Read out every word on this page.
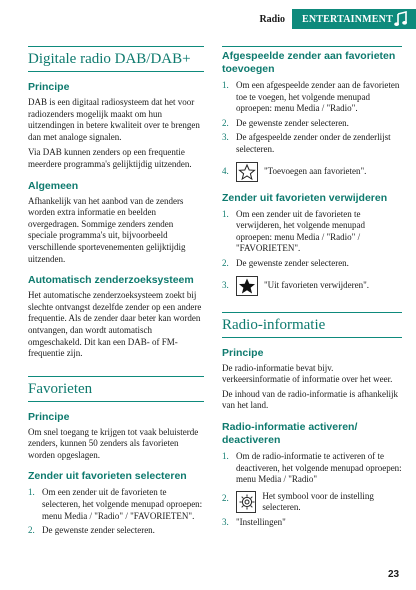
Radio	ENTERTAINMENT
Digitale radio DAB/DAB+
Principe

DAB is een digitaal radiosysteem dat het voor radiozenders mogelijk maakt om hun uitzendingen in betere kwaliteit over te brengen dan met analoge signalen.

Via DAB kunnen zenders op een frequentie meerdere programma's gelijktijdig uitzenden.

Algemeen

Afhankelijk van het aanbod van de zenders worden extra informatie en beelden overgedragen. Sommige zenders zenden speciale programma's uit, bijvoorbeeld verschillende sportevenementen gelijktijdig uitzenden.

Automatisch zenderzoeksysteem

Het automatische zenderzoeksysteem zoekt bij slechte ontvangst dezelfde zender op een andere frequentie. Als de zender daar beter kan worden ontvangen, dan wordt automatisch omgeschakeld. Dit kan een DAB- of FM-frequentie zijn.

Favorieten
Principe

Om snel toegang te krijgen tot vaak beluisterde zenders, kunnen 50 zenders als favorieten worden opgeslagen.

Zender uit favorieten selecteren
1. Om een zender uit de favorieten te selecteren, het volgende menupad oproepen: menu Media / "Radio" / "FAVORIETEN".
2. De gewenste zender selecteren.
Afgespeelde zender aan favorieten toevoegen
1. Om een afgespeelde zender aan de favorieten toe te voegen, het volgende menupad oproepen: menu Media / "Radio".
2. De gewenste zender selecteren.
3. De afgespeelde zender onder de zenderlijst selecteren.
4.	"Toevoegen aan favorieten".
Zender uit favorieten verwijderen
1. Om een zender uit de favorieten te verwijderen, het volgende menupad oproepen: menu Media / "Radio" / "FAVORIETEN".
2. De gewenste zender selecteren.
3.	"Uit favorieten verwijderen".
Radio-informatie
Principe

De radio-informatie bevat bijv. verkeersinformatie of informatie over het weer.

De inhoud van de radio-informatie is afhankelijk van het land.

Radio-informatie activeren/ deactiveren
1. Om de radio-informatie te activeren of te deactiveren, het volgende menupad oproepen: menu Media / "Radio"
2.	Het symbool voor de instelling selecteren.
3. "Instellingen"
23
